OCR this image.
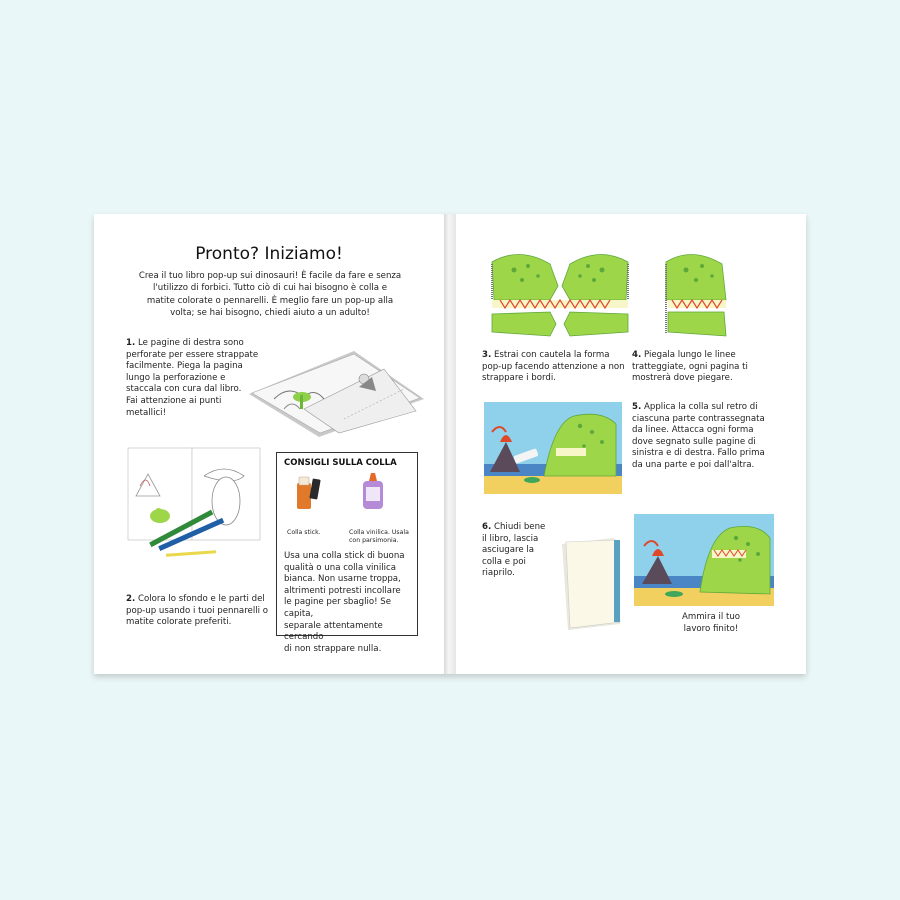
Pronto? Iniziamo!
Crea il tuo libro pop-up sui dinosauri! È facile da fare e senza
l'utilizzo di forbici. Tutto ciò di cui hai bisogno è colla e
matite colorate o pennarelli. È meglio fare un pop-up alla
volta; se hai bisogno, chiedi aiuto a un adulto!
1. Le pagine di destra sono
perforate per essere strappate
facilmente. Piega la pagina
lungo la perforazione e
staccala con cura dal libro.
Fai attenzione ai punti
metallici!
2. Colora lo sfondo e le parti del
pop-up usando i tuoi pennarelli o
matite colorate preferiti.
CONSIGLI SULLA COLLA
Colla stick.	Colla vinilica. Usala
con parsimonia.
Usa una colla stick di buona
qualità o una colla vinilica
bianca. Non usarne troppa,
altrimenti potresti incollare
le pagine per sbaglio! Se capita,
separale attentamente cercando
di non strappare nulla.
3. Estrai con cautela la forma
pop-up facendo attenzione a non
strappare i bordi.
4. Piegala lungo le linee
tratteggiate, ogni pagina ti
mostrerà dove piegare.
5. Applica la colla sul retro di
ciascuna parte contrassegnata
da linee. Attacca ogni forma
dove segnato sulle pagine di
sinistra e di destra. Fallo prima
da una parte e poi dall'altra.
6. Chiudi bene
il libro, lascia
asciugare la
colla e poi
riaprilo.
Ammira il tuo
lavoro finito!
